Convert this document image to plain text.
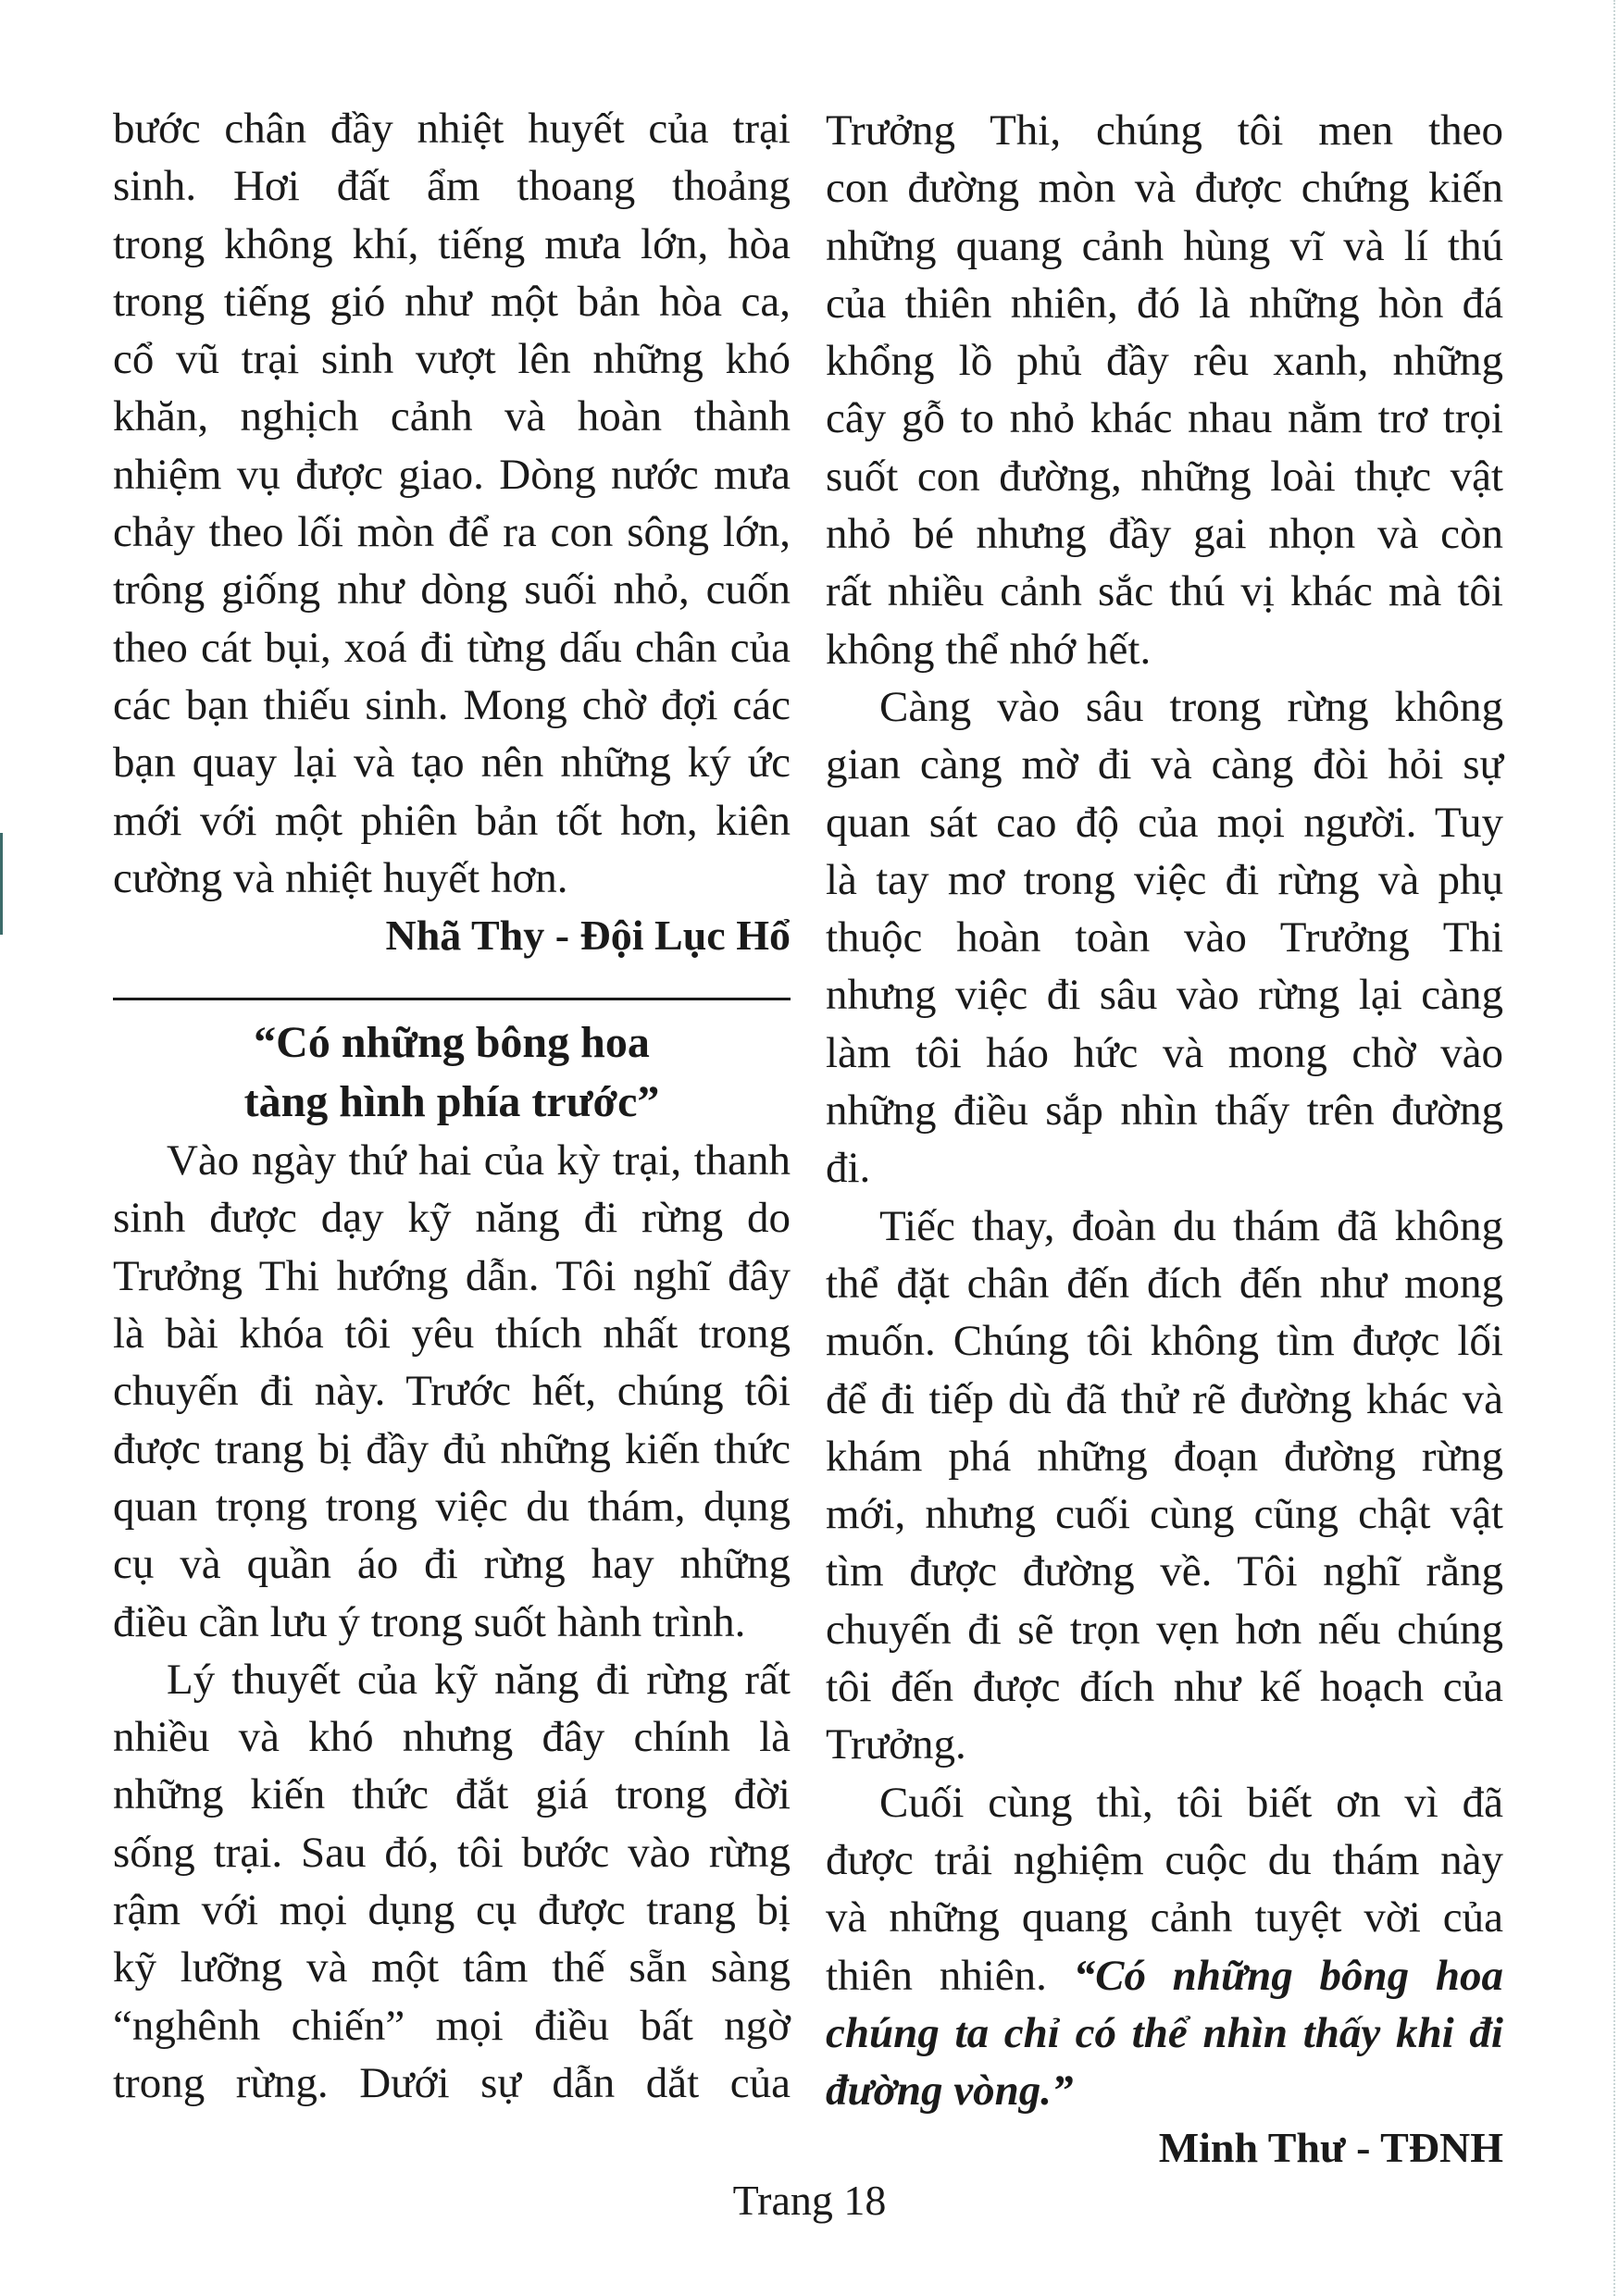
bước chân đầy nhiệt huyết của trại
sinh. Hơi đất ẩm thoang thoảng
trong không khí, tiếng mưa lớn, hòa
trong tiếng gió như một bản hòa ca,
cổ vũ trại sinh vượt lên những khó
khăn, nghịch cảnh và hoàn thành
nhiệm vụ được giao. Dòng nước mưa
chảy theo lối mòn để ra con sông lớn,
trông giống như dòng suối nhỏ, cuốn
theo cát bụi, xoá đi từng dấu chân của
các bạn thiếu sinh. Mong chờ đợi các
bạn quay lại và tạo nên những ký ức
mới với một phiên bản tốt hơn, kiên
cường và nhiệt huyết hơn.
Nhã Thy - Đội Lục Hổ
“Có những bông hoa
tàng hình phía trước”
Vào ngày thứ hai của kỳ trại, thanh
sinh được dạy kỹ năng đi rừng do
Trưởng Thi hướng dẫn. Tôi nghĩ đây
là bài khóa tôi yêu thích nhất trong
chuyến đi này. Trước hết, chúng tôi
được trang bị đầy đủ những kiến thức
quan trọng trong việc du thám, dụng
cụ và quần áo đi rừng hay những
điều cần lưu ý trong suốt hành trình.
Lý thuyết của kỹ năng đi rừng rất
nhiều và khó nhưng đây chính là
những kiến thức đắt giá trong đời
sống trại. Sau đó, tôi bước vào rừng
rậm với mọi dụng cụ được trang bị
kỹ lưỡng và một tâm thế sẵn sàng
“nghênh chiến” mọi điều bất ngờ
trong rừng. Dưới sự dẫn dắt của
Trưởng Thi, chúng tôi men theo
con đường mòn và được chứng kiến
những quang cảnh hùng vĩ và lí thú
của thiên nhiên, đó là những hòn đá
khổng lồ phủ đầy rêu xanh, những
cây gỗ to nhỏ khác nhau nằm trơ trọi
suốt con đường, những loài thực vật
nhỏ bé nhưng đầy gai nhọn và còn
rất nhiều cảnh sắc thú vị khác mà tôi
không thể nhớ hết.
Càng vào sâu trong rừng không
gian càng mờ đi và càng đòi hỏi sự
quan sát cao độ của mọi người. Tuy
là tay mơ trong việc đi rừng và phụ
thuộc hoàn toàn vào Trưởng Thi
nhưng việc đi sâu vào rừng lại càng
làm tôi háo hức và mong chờ vào
những điều sắp nhìn thấy trên đường
đi.
Tiếc thay, đoàn du thám đã không
thể đặt chân đến đích đến như mong
muốn. Chúng tôi không tìm được lối
để đi tiếp dù đã thử rẽ đường khác và
khám phá những đoạn đường rừng
mới, nhưng cuối cùng cũng chật vật
tìm được đường về. Tôi nghĩ rằng
chuyến đi sẽ trọn vẹn hơn nếu chúng
tôi đến được đích như kế hoạch của
Trưởng.
Cuối cùng thì, tôi biết ơn vì đã
được trải nghiệm cuộc du thám này
và những quang cảnh tuyệt vời của
thiên nhiên. “Có những bông hoa
chúng ta chỉ có thể nhìn thấy khi đi
đường vòng.”
Minh Thư - TĐNH
Trang 18
